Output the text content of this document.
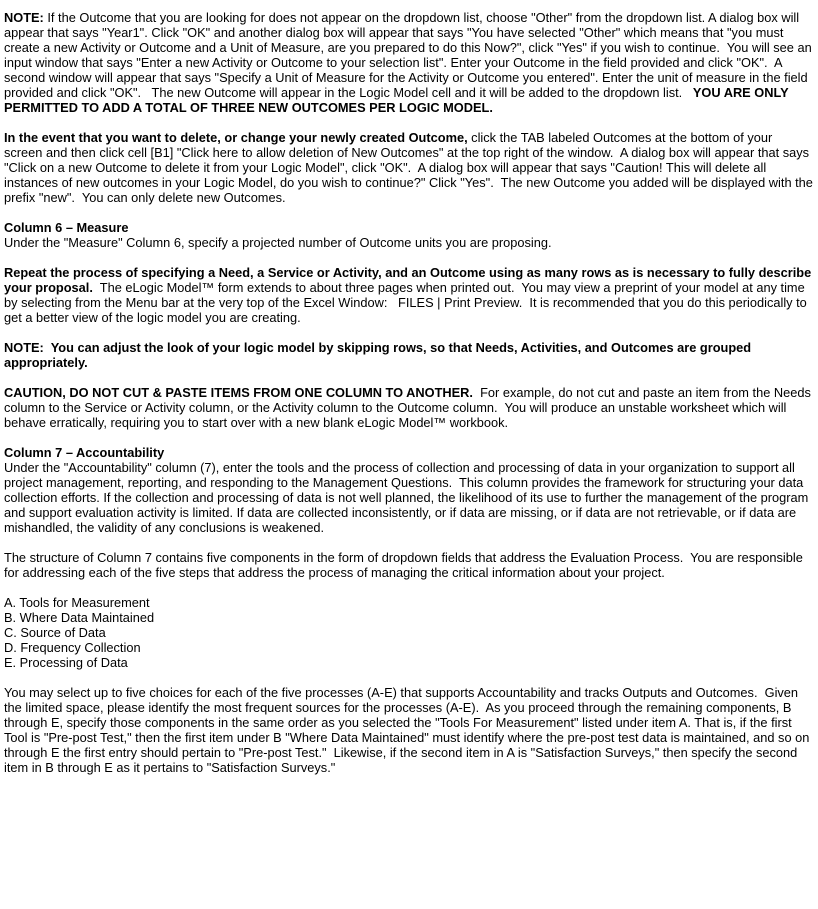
NOTE: If the Outcome that you are looking for does not appear on the dropdown list, choose "Other" from the dropdown list. A dialog box will appear that says "Year1". Click "OK" and another dialog box will appear that says "You have selected "Other" which means that "you must create a new Activity or Outcome and a Unit of Measure, are you prepared to do this Now?", click "Yes" if you wish to continue.  You will see an input window that says "Enter a new Activity or Outcome to your selection list". Enter your Outcome in the field provided and click "OK".  A second window will appear that says "Specify a Unit of Measure for the Activity or Outcome you entered". Enter the unit of measure in the field provided and click "OK".   The new Outcome will appear in the Logic Model cell and it will be added to the dropdown list.   YOU ARE ONLY PERMITTED TO ADD A TOTAL OF THREE NEW OUTCOMES PER LOGIC MODEL.

In the event that you want to delete, or change your newly created Outcome, click the TAB labeled Outcomes at the bottom of your screen and then click cell [B1] "Click here to allow deletion of New Outcomes" at the top right of the window.  A dialog box will appear that says "Click on a new Outcome to delete it from your Logic Model", click "OK".  A dialog box will appear that says "Caution! This will delete all instances of new outcomes in your Logic Model, do you wish to continue?" Click "Yes".  The new Outcome you added will be displayed with the prefix "new".  You can only delete new Outcomes.

Column 6 – Measure

Under the "Measure" Column 6, specify a projected number of Outcome units you are proposing.

Repeat the process of specifying a Need, a Service or Activity, and an Outcome using as many rows as is necessary to fully describe your proposal.  The eLogic Model™ form extends to about three pages when printed out.  You may view a preprint of your model at any time by selecting from the Menu bar at the very top of the Excel Window:   FILES | Print Preview.  It is recommended that you do this periodically to get a better view of the logic model you are creating.

NOTE:  You can adjust the look of your logic model by skipping rows, so that Needs, Activities, and Outcomes are grouped appropriately.

CAUTION, DO NOT CUT & PASTE ITEMS FROM ONE COLUMN TO ANOTHER.  For example, do not cut and paste an item from the Needs column to the Service or Activity column, or the Activity column to the Outcome column.  You will produce an unstable worksheet which will behave erratically, requiring you to start over with a new blank eLogic Model™ workbook.

Column 7 – Accountability

Under the "Accountability" column (7), enter the tools and the process of collection and processing of data in your organization to support all project management, reporting, and responding to the Management Questions.  This column provides the framework for structuring your data collection efforts. If the collection and processing of data is not well planned, the likelihood of its use to further the management of the program and support evaluation activity is limited. If data are collected inconsistently, or if data are missing, or if data are not retrievable, or if data are mishandled, the validity of any conclusions is weakened.

The structure of Column 7 contains five components in the form of dropdown fields that address the Evaluation Process.  You are responsible for addressing each of the five steps that address the process of managing the critical information about your project.

A. Tools for Measurement
B. Where Data Maintained
C. Source of Data
D. Frequency Collection
E. Processing of Data

You may select up to five choices for each of the five processes (A-E) that supports Accountability and tracks Outputs and Outcomes.  Given the limited space, please identify the most frequent sources for the processes (A-E).  As you proceed through the remaining components, B through E, specify those components in the same order as you selected the "Tools For Measurement" listed under item A. That is, if the first Tool is "Pre-post Test," then the first item under B "Where Data Maintained" must identify where the pre-post test data is maintained, and so on through E the first entry should pertain to "Pre-post Test."  Likewise, if the second item in A is "Satisfaction Surveys," then specify the second item in B through E as it pertains to "Satisfaction Surveys."
